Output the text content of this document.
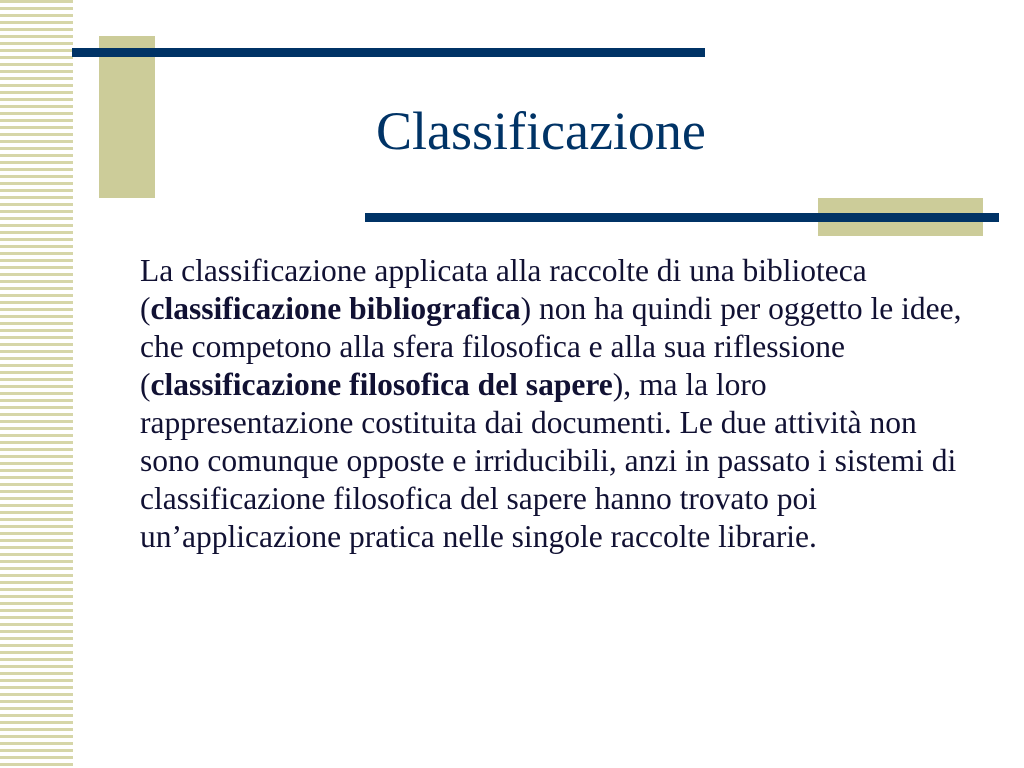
Classificazione
La classificazione applicata alla raccolte di una biblioteca (classificazione bibliografica) non ha quindi per oggetto le idee, che competono alla sfera filosofica e alla sua riflessione (classificazione filosofica del sapere), ma la loro rappresentazione costituita dai documenti. Le due attività non sono comunque opposte e irriducibili, anzi in passato i sistemi di classificazione filosofica del sapere hanno trovato poi un’applicazione pratica nelle singole raccolte librarie.
